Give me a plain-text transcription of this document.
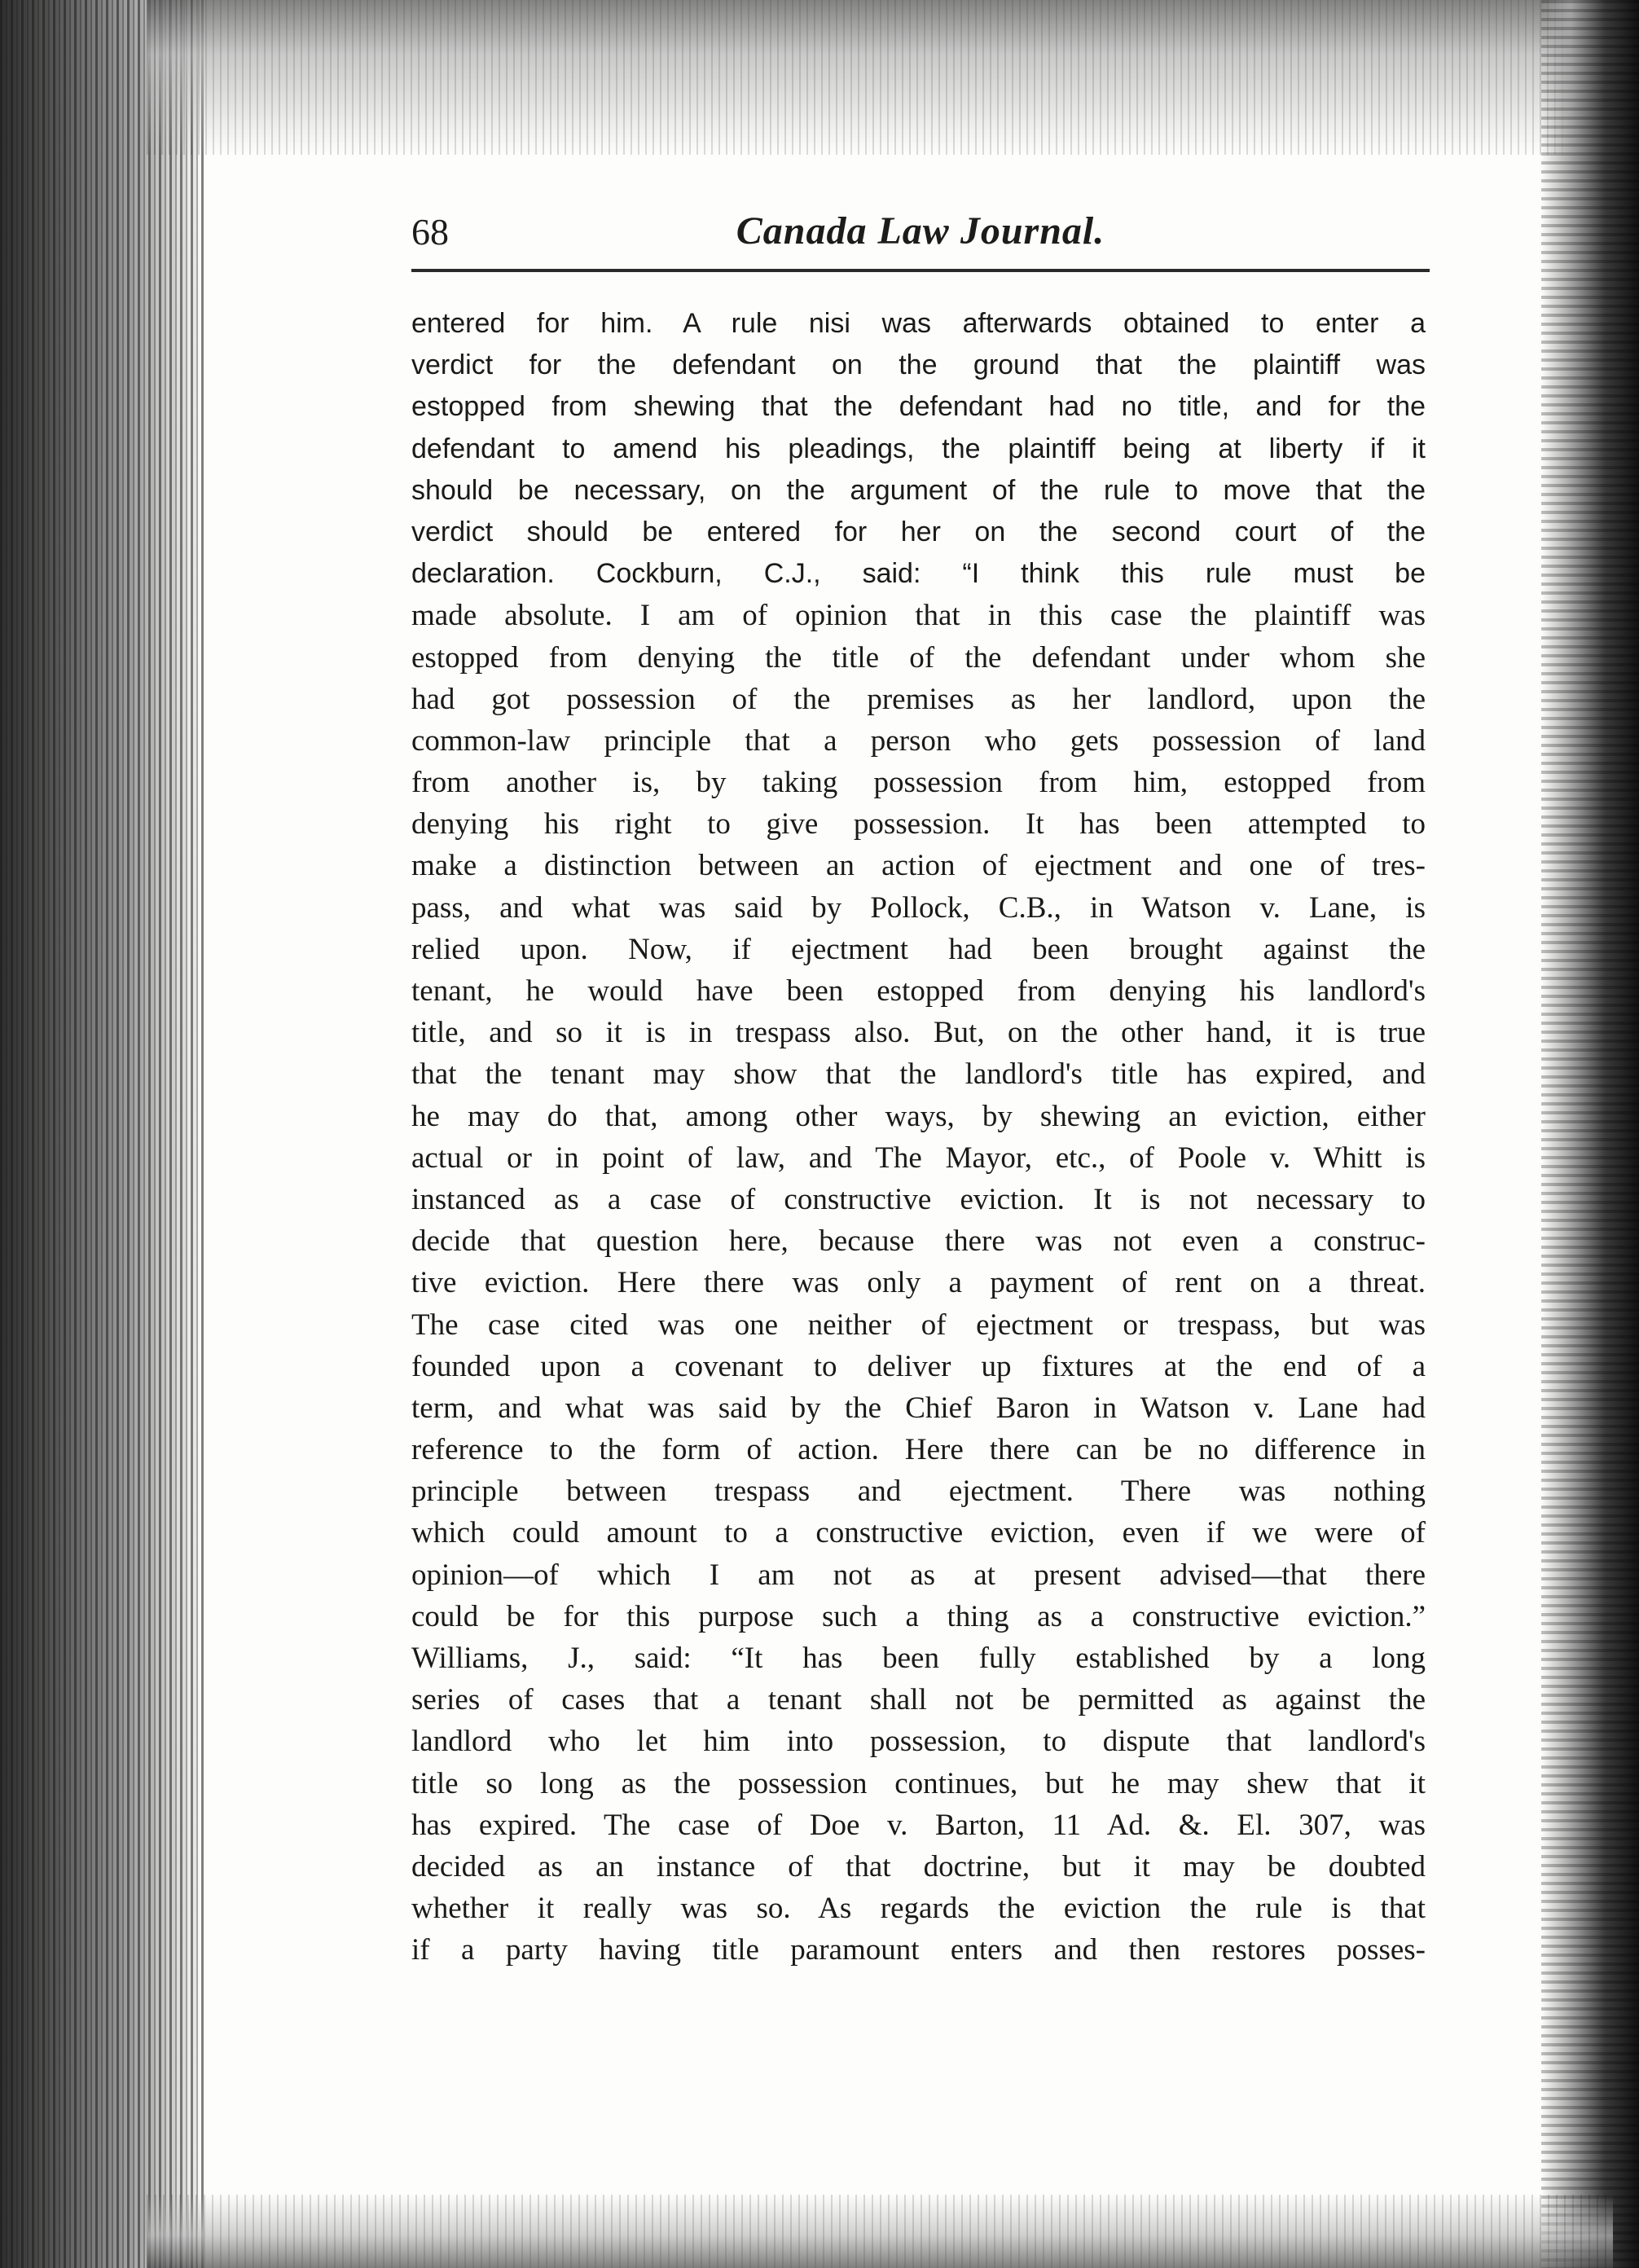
68	Canada Law Journal.
entered for him. A rule nisi was afterwards obtained to enter a
verdict for the defendant on the ground that the plaintiff was
estopped from shewing that the defendant had no title, and for the
defendant to amend his pleadings, the plaintiff being at liberty if it
should be necessary, on the argument of the rule to move that the
verdict should be entered for her on the second court of the
declaration. Cockburn, C.J., said: “I think this rule must be
made absolute. I am of opinion that in this case the plaintiff was
estopped from denying the title of the defendant under whom she
had got possession of the premises as her landlord, upon the
common-law principle that a person who gets possession of land
from another is, by taking possession from him, estopped from
denying his right to give possession. It has been attempted to
make a distinction between an action of ejectment and one of tres-
pass, and what was said by Pollock, C.B., in Watson v. Lane, is
relied upon. Now, if ejectment had been brought against the
tenant, he would have been estopped from denying his landlord's
title, and so it is in trespass also. But, on the other hand, it is true
that the tenant may show that the landlord's title has expired, and
he may do that, among other ways, by shewing an eviction, either
actual or in point of law, and The Mayor, etc., of Poole v. Whitt is
instanced as a case of constructive eviction. It is not necessary to
decide that question here, because there was not even a construc-
tive eviction. Here there was only a payment of rent on a threat.
The case cited was one neither of ejectment or trespass, but was
founded upon a covenant to deliver up fixtures at the end of a
term, and what was said by the Chief Baron in Watson v. Lane had
reference to the form of action. Here there can be no difference in
principle between trespass and ejectment. There was nothing
which could amount to a constructive eviction, even if we were of
opinion—of which I am not as at present advised—that there
could be for this purpose such a thing as a constructive eviction.”
Williams, J., said: “It has been fully established by a long
series of cases that a tenant shall not be permitted as against the
landlord who let him into possession, to dispute that landlord's
title so long as the possession continues, but he may shew that it
has expired. The case of Doe v. Barton, 11 Ad. &. El. 307, was
decided as an instance of that doctrine, but it may be doubted
whether it really was so. As regards the eviction the rule is that
if a party having title paramount enters and then restores posses-
